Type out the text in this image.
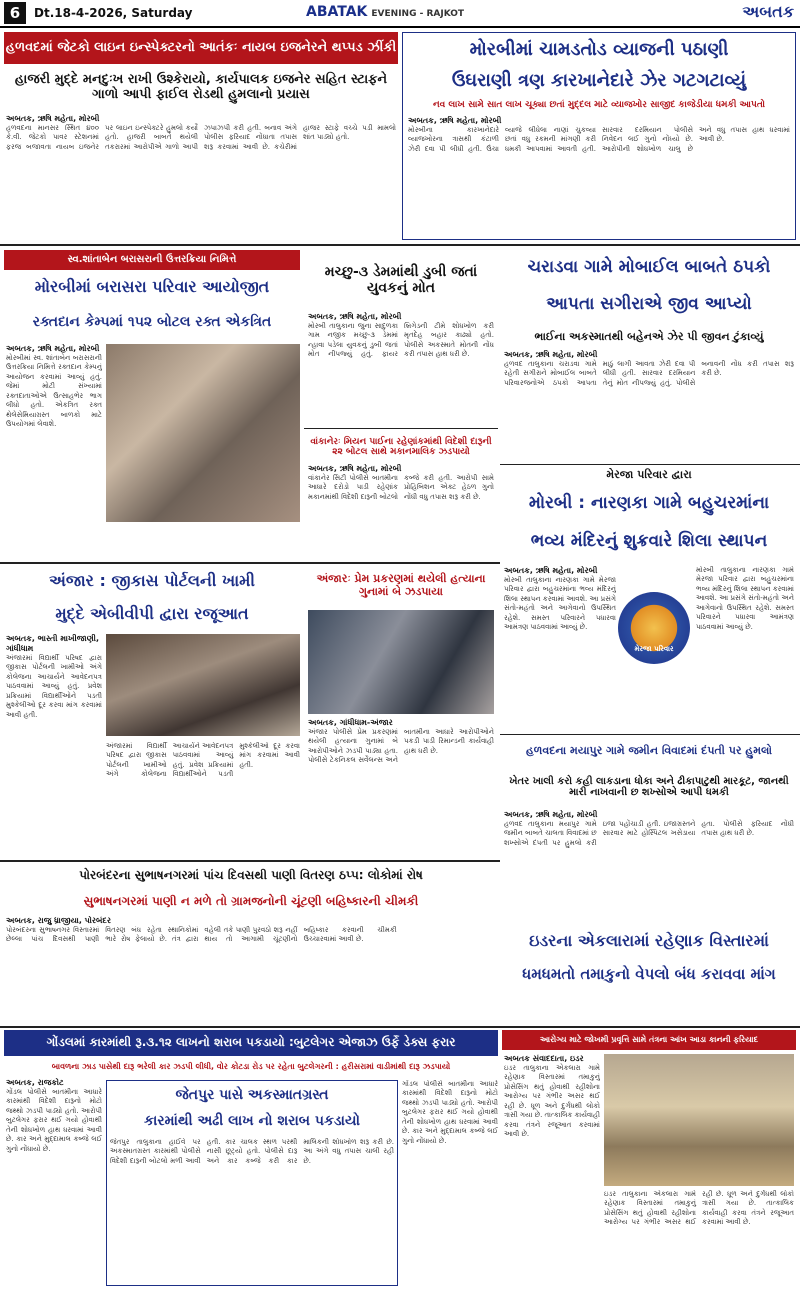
6	Dt.18-4-2026, Saturday	ABATAK EVENING - RAJKOT	અબતક
હળવદમાં જેટકો લાઇન ઇન્સ્પેક્ટરનો આતંકઃ નાયબ ઇજનેરને થપ્પડ ઝીંકી
હાજરી મુદ્દે મનદુઃખ રાખી ઉશ્કેરાયો, કાર્યપાલક ઇજનેર સહિત સ્ટાફને ગાળો આપી ફાઈલ રોડથી હુમલાનો પ્રયાસ
અબતક, ઋષિ મહેતા, મોરબી
હળવદના માનસર સ્થિત ૪૦૦ કે.વી. જેટકો પાવર સ્ટેશનમાં ફરજ બજાવતા નાયબ ઇજનેર પર લાઇન ઇન્સ્પેક્ટરે હુમલો કર્યો હતો. હાજરી બાબતે થયેલી તકરારમાં આરોપીએ ગાળો આપી ઝપાઝપી કરી હતી. બનાવ અંગે પોલીસ ફરિયાદ નોંધાતા તપાસ શરૂ કરવામાં આવી છે. કચેરીમાં હાજર સ્ટાફે વચ્ચે પડી મામલો શાંત પાડ્યો હતો.
મોરબીમાં ચામડતોડ વ્યાજની પઠાણી
ઉઘરાણી ત્રણ કારખાનેદારે ઝેર ગટગટાવ્યું
નવ લાખ સામે સાત લાખ ચૂક્યા છતાં મુદ્દલ માટે વ્યાજખોર સાજીદ કાજેડીયા ધમકી આપતો
અબતક, ઋષિ મહેતા, મોરબી
મોરબીના કારખાનેદારે વ્યાજખોરના ત્રાસથી કંટાળી ઝેરી દવા પી લીધી હતી. ઉંચા વ્યાજે લીધેલા નાણાં ચુકવ્યા છતાં વધુ રકમની માંગણી કરી ધમકી આપવામાં આવતી હતી. સારવાર દરમિયાન પોલીસે નિવેદન લઈ ગુનો નોંધ્યો છે. આરોપીની શોધખોળ ચાલુ છે અને વધુ તપાસ હાથ ધરવામાં આવી છે.
સ્વ.શાંતાબેન બરાસરાની ઉત્તરક્રિયા નિમિત્તે
મોરબીમાં બરાસરા પરિવાર આયોજીત
રક્તદાન કેમ્પમાં ૧૫૨ બોટલ રક્ત એકત્રિત
અબતક, ઋષિ મહેતા, મોરબી
મોરબીમાં સ્વ. શાંતાબેન બરાસરાની ઉત્તરક્રિયા નિમિત્તે રક્તદાન કેમ્પનું આયોજન કરવામાં આવ્યું હતું. જેમાં મોટી સંખ્યામાં રક્તદાતાઓએ ઉત્સાહભેર ભાગ લીધો હતો. એકત્રિત રક્ત થેલેસેમિયાગ્રસ્ત બાળકો માટે ઉપયોગમાં લેવાશે.
મચ્છુ-૩ ડેમમાંથી ડુબી જતાં યુવકનું મોત
અબતક, ઋષિ મહેતા, મોરબી
મોરબી તાલુકાના જુના સાદુળકા ગામ નજીક મચ્છુ-૩ ડેમમાં ન્હાવા પડેલા યુવકનું ડુબી જતાં મોત નીપજ્યું હતું. ફાયર બ્રિગેડની ટીમે શોધખોળ કરી મૃતદેહ બહાર કાઢ્યો હતો. પોલીસે અકસ્માતે મોતની નોંધ કરી તપાસ હાથ ધરી છે.
વાંકાનેરઃ મિયન પાઈના રહેણાંકમાંથી વિદેશી દારૂની ૨૨ બોટલ સાથે મકાનમાલિક ઝડપાયો
અબતક, ઋષિ મહેતા, મોરબી
વાંકાનેર સિટી પોલીસે બાતમીના આધારે દરોડો પાડી રહેણાંક મકાનમાંથી વિદેશી દારૂની બોટલો કબ્જે કરી હતી. આરોપી સામે પ્રોહિબિશન એક્ટ હેઠળ ગુનો નોંધી વધુ તપાસ શરૂ કરી છે.
ચરાડવા ગામે મોબાઈલ બાબતે ઠપકો
આપતા સગીરાએ જીવ આપ્યો
ભાઈના અકસ્માતથી બહેનએ ઝેર પી જીવન ટુંકાવ્યું
અબતક, ઋષિ મહેતા, મોરબી
હળવદ તાલુકાના ચરાડવા ગામે રહેતી સગીરાને મોબાઈલ બાબતે પરિવારજનોએ ઠપકો આપતા માઠું લાગી આવતા ઝેરી દવા પી લીધી હતી. સારવાર દરમિયાન તેનું મોત નીપજ્યું હતું. પોલીસે બનાવની નોંધ કરી તપાસ શરૂ કરી છે.
મેરજા પરિવાર દ્વારા
મોરબી : નારણકા ગામે બહુચરમાંના
ભવ્ય મંદિરનું શુક્રવારે શિલા સ્થાપન
અબતક, ઋષિ મહેતા, મોરબી
મોરબી તાલુકાના નારણકા ગામે મેરજા પરિવાર દ્વારા બહુચરમાંના ભવ્ય મંદિરનું શિલા સ્થાપન કરવામાં આવશે. આ પ્રસંગે સંતો-મહંતો અને આગેવાનો ઉપસ્થિત રહેશે. સમસ્ત પરિવારને પધારવા આમંત્રણ પાઠવવામાં આવ્યું છે.
મેરજા પરિવાર
મોરબી તાલુકાના નારણકા ગામે મેરજા પરિવાર દ્વારા બહુચરમાંના ભવ્ય મંદિરનું શિલા સ્થાપન કરવામાં આવશે. આ પ્રસંગે સંતો-મહંતો અને આગેવાનો ઉપસ્થિત રહેશે. સમસ્ત પરિવારને પધારવા આમંત્રણ પાઠવવામાં આવ્યું છે.
અંજાર : જીકાસ પોર્ટલની ખામી
મુદ્દે એબીવીપી દ્વારા રજૂઆત
અબતક, ભાસ્તી માખીજાણી, ગાંધીધામ
અંજારમાં વિદ્યાર્થી પરિષદ દ્વારા જીકાસ પોર્ટલની ખામીઓ અંગે કોલેજના આચાર્યને આવેદનપત્ર પાઠવવામાં આવ્યું હતું. પ્રવેશ પ્રક્રિયામાં વિદ્યાર્થીઓને પડતી મુશ્કેલીઓ દૂર કરવા માંગ કરવામાં આવી હતી.
અંજારમાં વિદ્યાર્થી પરિષદ દ્વારા જીકાસ પોર્ટલની ખામીઓ અંગે કોલેજના આચાર્યને આવેદનપત્ર પાઠવવામાં આવ્યું હતું. પ્રવેશ પ્રક્રિયામાં વિદ્યાર્થીઓને પડતી મુશ્કેલીઓ દૂર કરવા માંગ કરવામાં આવી હતી.
અંજારઃ પ્રેમ પ્રકરણમાં થયેલી હત્યાના ગુનામાં બે ઝડપાયા
અબતક, ગાંધીધામ-અંજાર
અંજાર પોલીસે પ્રેમ પ્રકરણમાં થયેલી હત્યાના ગુનામાં બે આરોપીઓને ઝડપી પાડ્યા હતા. પોલીસે ટેકનિકલ સર્વેલન્સ અને બાતમીના આધારે આરોપીઓને પકડી પાડી રિમાન્ડની કાર્યવાહી હાથ ધરી છે.	હળવદના મયાપુર ગામે જમીન વિવાદમાં દંપતી પર હુમલો
ખેતર ખાલી કરો કહી લાકડાના ધોકા અને ઢીકાપાટુથી મારકૂટ, જાનથી મારી નાખવાની છ શખ્સોએ આપી ધમકી
અબતક, ઋષિ મહેતા, મોરબી
હળવદ તાલુકાના મયાપુર ગામે જમીન બાબતે ચાલતા વિવાદમાં છ શખ્સોએ દંપતી પર હુમલો કરી ઇજા પહોંચાડી હતી. ઇજાગ્રસ્તને સારવાર માટે હોસ્પિટલ ખસેડાયા હતા. પોલીસે ફરિયાદ નોંધી તપાસ હાથ ધરી છે.
પોરબંદરના સુભાષનગરમાં પાંચ દિવસથી પાણી વિતરણ ઠપ્પ: લોકોમાં રોષ
સુભાષનગરમાં પાણી ન મળે તો ગ્રામજનોની ચૂંટણી બહિષ્કારની ચીમકી
અબતક, રાજુ ધ્રાજીયા, પોરબંદર
પોરબંદરના સુભાષનગર વિસ્તારમાં છેલ્લા પાંચ દિવસથી પાણી વિતરણ બંધ રહેતા સ્થાનિકોમાં ભારે રોષ ફેલાયો છે. તંત્ર દ્વારા વહેલી તકે પાણી પુરવઠો શરૂ નહીં થાય તો આગામી ચૂંટણીનો બહિષ્કાર કરવાની ચીમકી ઉચ્ચારવામાં આવી છે.	ઇડરના એકલારામાં રહેણાક વિસ્તારમાં
ધમધમતો તમાકુનો વેપલો બંધ કરાવવા માંગ
ગોંડલમાં કારમાંથી રૂ.૩.૧૨ લાખનો શરાબ પકડાયો :બુટલેગર એજાઝ ઉર્ફે ડેક્સ ફરાર
બાવળના ઝાડ પાસેથી દારૂ ભરેલી કાર ઝડપી લીધી, વોર કોટડા રોડ પર રહેતા બુટલેગરની : હરીસરામાં વાડીમાંથી દારૂ ઝડપાયો
અબતક, રાજકોટ
ગોંડલ પોલીસે બાતમીના આધારે કારમાંથી વિદેશી દારૂનો મોટો જથ્થો ઝડપી પાડ્યો હતો. આરોપી બુટલેગર ફરાર થઈ ગયો હોવાથી તેની શોધખોળ હાથ ધરવામાં આવી છે. કાર અને મુદ્દામાલ કબ્જે લઈ ગુનો નોંધાયો છે.
જેતપુર પાસે અકસ્માતગ્રસ્ત
કારમાંથી અઢી લાખ નો શરાબ પકડાયો
જેતપુર તાલુકાના હાઈવે પર અકસ્માતગ્રસ્ત કારમાંથી પોલીસે વિદેશી દારૂની બોટલો મળી આવી હતી. કાર ચાલક સ્થળ પરથી નાસી છૂટ્યો હતો. પોલીસે દારૂ અને કાર કબ્જે કરી કાર માલિકની શોધખોળ શરૂ કરી છે. આ અંગે વધુ તપાસ ચાલી રહી છે.
ગોંડલ પોલીસે બાતમીના આધારે કારમાંથી વિદેશી દારૂનો મોટો જથ્થો ઝડપી પાડ્યો હતો. આરોપી બુટલેગર ફરાર થઈ ગયો હોવાથી તેની શોધખોળ હાથ ધરવામાં આવી છે. કાર અને મુદ્દામાલ કબ્જે લઈ ગુનો નોંધાયો છે.
આરોગ્ય માટે જોખમી પ્રવૃત્તિ સામે તંત્રના આંખ આડા કાનની ફરિયાદ
અબતક સંવાદદાતા, ઇડર
ઇડર તાલુકાના એકલારા ગામે રહેણાક વિસ્તારમાં તમાકુનું પ્રોસેસિંગ થતું હોવાથી રહીશોના આરોગ્ય પર ગંભીર અસર થઈ રહી છે. ધૂળ અને દુર્ગંધથી લોકો ત્રાસી ગયા છે. તાત્કાલિક કાર્યવાહી કરવા તંત્રને રજૂઆત કરવામાં આવી છે.
ઇડર તાલુકાના એકલારા ગામે રહેણાક વિસ્તારમાં તમાકુનું પ્રોસેસિંગ થતું હોવાથી રહીશોના આરોગ્ય પર ગંભીર અસર થઈ રહી છે. ધૂળ અને દુર્ગંધથી લોકો ત્રાસી ગયા છે. તાત્કાલિક કાર્યવાહી કરવા તંત્રને રજૂઆત કરવામાં આવી છે.
